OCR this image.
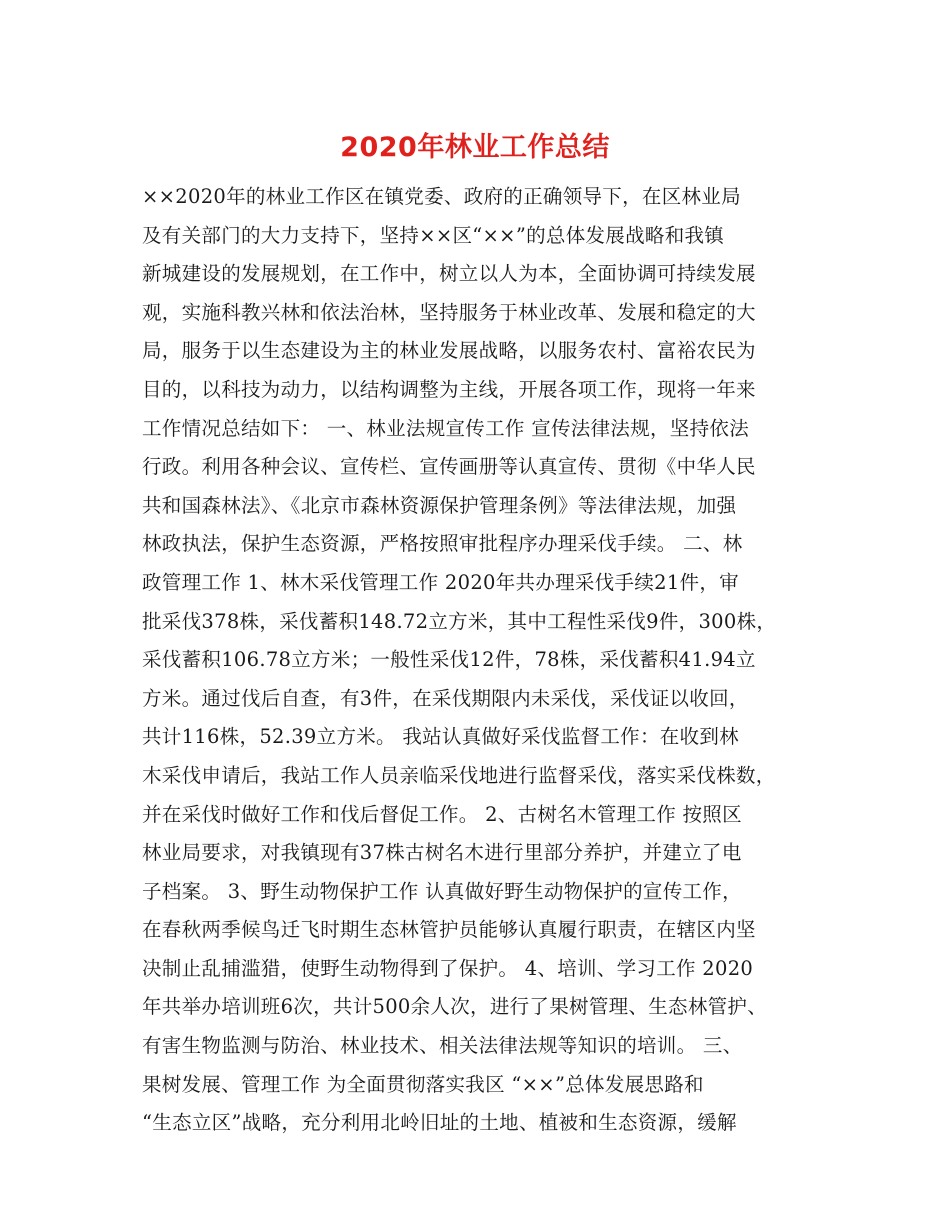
2020年林业工作总结
××2020年的林业工作区在镇党委、政府的正确领导下，在区林业局
及有关部门的大力支持下，坚持××区“××”的总体发展战略和我镇
新城建设的发展规划，在工作中，树立以人为本，全面协调可持续发展
观，实施科教兴林和依法治林，坚持服务于林业改革、发展和稳定的大
局，服务于以生态建设为主的林业发展战略，以服务农村、富裕农民为
目的，以科技为动力，以结构调整为主线，开展各项工作，现将一年来
工作情况总结如下： 一、林业法规宣传工作 宣传法律法规，坚持依法
行政。利用各种会议、宣传栏、宣传画册等认真宣传、贯彻《中华人民
共和国森林法》、《北京市森林资源保护管理条例》等法律法规，加强
林政执法，保护生态资源，严格按照审批程序办理采伐手续。 二、林
政管理工作 1、林木采伐管理工作 2020年共办理采伐手续21件，审
批采伐378株，采伐蓄积148.72立方米，其中工程性采伐9件，300株，
采伐蓄积106.78立方米；一般性采伐12件，78株，采伐蓄积41.94立
方米。通过伐后自查，有3件，在采伐期限内未采伐，采伐证以收回，
共计116株，52.39立方米。 我站认真做好采伐监督工作：在收到林
木采伐申请后，我站工作人员亲临采伐地进行监督采伐，落实采伐株数，
并在采伐时做好工作和伐后督促工作。 2、古树名木管理工作 按照区
林业局要求，对我镇现有37株古树名木进行里部分养护，并建立了电
子档案。 3、野生动物保护工作 认真做好野生动物保护的宣传工作，
在春秋两季候鸟迁飞时期生态林管护员能够认真履行职责，在辖区内坚
决制止乱捕滥猎，使野生动物得到了保护。 4、培训、学习工作 2020
年共举办培训班6次，共计500余人次，进行了果树管理、生态林管护、
有害生物监测与防治、林业技术、相关法律法规等知识的培训。 三、
果树发展、管理工作 为全面贯彻落实我区 “××”总体发展思路和
“生态立区”战略，充分利用北岭旧址的土地、植被和生态资源，缓解
